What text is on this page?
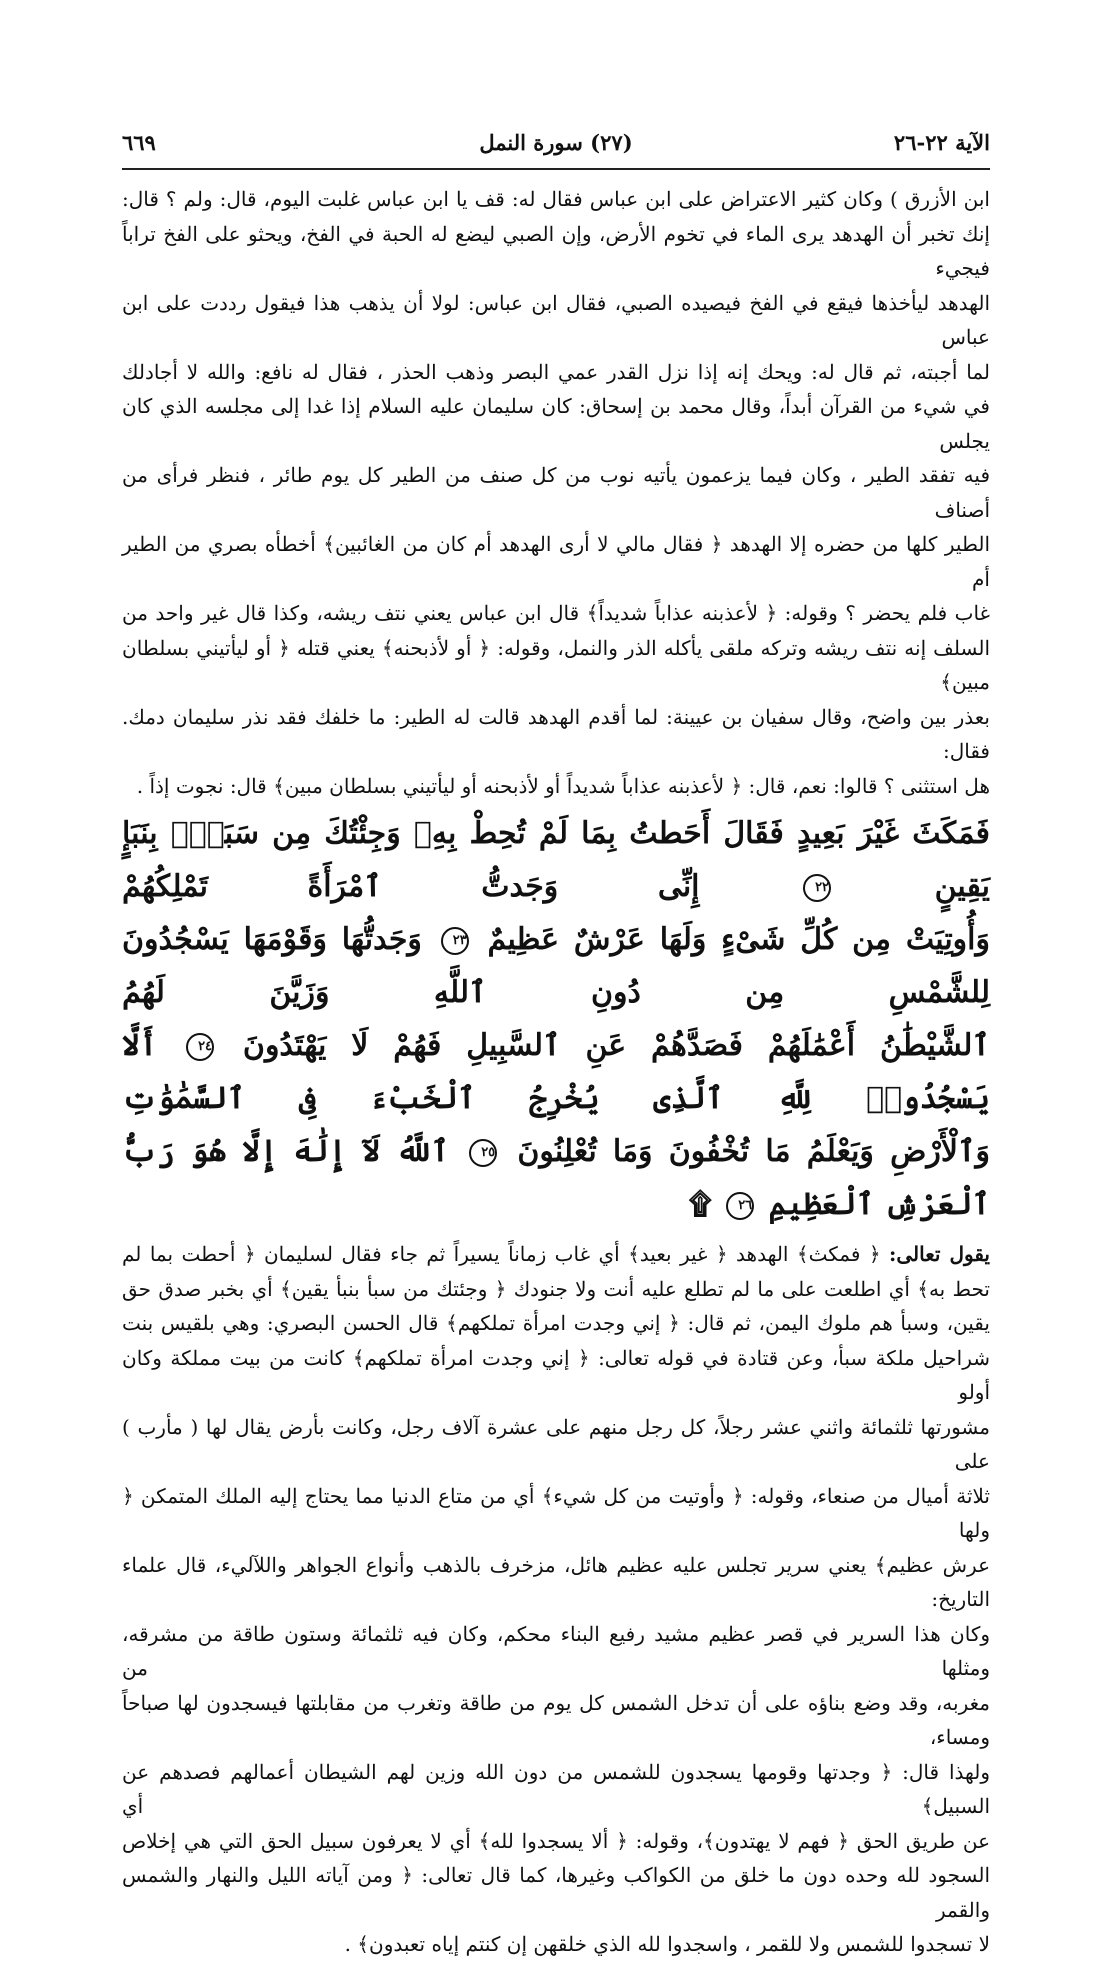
الآية ٢٢-٢٦
(٢٧) سورة النمل
٦٦٩
ابن الأزرق ) وكان كثير الاعتراض على ابن عباس فقال له: قف يا ابن عباس غلبت اليوم، قال: ولم ؟ قال:
إنك تخبر أن الهدهد يرى الماء في تخوم الأرض، وإن الصبي ليضع له الحبة في الفخ، ويحثو على الفخ تراباً فيجيء
الهدهد ليأخذها فيقع في الفخ فيصيده الصبي، فقال ابن عباس: لولا أن يذهب هذا فيقول رددت على ابن عباس
لما أجبته، ثم قال له: ويحك إنه إذا نزل القدر عمي البصر وذهب الحذر ، فقال له نافع: والله لا أجادلك
في شيء من القرآن أبداً، وقال محمد بن إسحاق: كان سليمان عليه السلام إذا غدا إلى مجلسه الذي كان يجلس
فيه تفقد الطير ، وكان فيما يزعمون يأتيه نوب من كل صنف من الطير كل يوم طائر ، فنظر فرأى من أصناف
الطير كلها من حضره إلا الهدهد ﴿ فقال مالي لا أرى الهدهد أم كان من الغائبين﴾ أخطأه بصري من الطير أم
غاب فلم يحضر ؟ وقوله: ﴿ لأعذبنه عذاباً شديداً﴾ قال ابن عباس يعني نتف ريشه، وكذا قال غير واحد من
السلف إنه نتف ريشه وتركه ملقى يأكله الذر والنمل، وقوله: ﴿ أو لأذبحنه﴾ يعني قتله ﴿ أو ليأتيني بسلطان مبين﴾
بعذر بين واضح، وقال سفيان بن عيينة: لما أقدم الهدهد قالت له الطير: ما خلفك فقد نذر سليمان دمك. فقال:
هل استثنى ؟ قالوا: نعم، قال: ﴿ لأعذبنه عذاباً شديداً أو لأذبحنه أو ليأتيني بسلطان مبين﴾ قال: نجوت إذاً .
فَمَكَثَ غَيْرَ بَعِيدٍ فَقَالَ أَحَطتُ بِمَا لَمْ تُحِطْ بِهِۦ وَجِئْتُكَ مِن سَبَإٍۭ بِنَبَإٍ يَقِينٍ ٢٢ إِنِّى وَجَدتُّ ٱمْرَأَةً تَمْلِكُهُمْ
وَأُوتِيَتْ مِن كُلِّ شَىْءٍ وَلَهَا عَرْشٌ عَظِيمٌ ٢٣ وَجَدتُّهَا وَقَوْمَهَا يَسْجُدُونَ لِلشَّمْسِ مِن دُونِ ٱللَّهِ وَزَيَّنَ لَهُمُ
ٱلشَّيْطَٰنُ أَعْمَٰلَهُمْ فَصَدَّهُمْ عَنِ ٱلسَّبِيلِ فَهُمْ لَا يَهْتَدُونَ ٢٤ أَلَّا يَسْجُدُوا۟ لِلَّهِ ٱلَّذِى يُخْرِجُ ٱلْخَبْءَ فِى ٱلسَّمَٰوَٰتِ
وَٱلْأَرْضِ وَيَعْلَمُ مَا تُخْفُونَ وَمَا تُعْلِنُونَ ٢٥ ٱللَّهُ لَآ إِلَٰهَ إِلَّا هُوَ رَبُّ ٱلْعَرْشِ ٱلْعَظِيمِ ٢٦ ۩
يقول تعالى: ﴿ فمكث﴾ الهدهد ﴿ غير بعيد﴾ أي غاب زماناً يسيراً ثم جاء فقال لسليمان ﴿ أحطت بما لم
تحط به﴾ أي اطلعت على ما لم تطلع عليه أنت ولا جنودك ﴿ وجئتك من سبأ بنبأ يقين﴾ أي بخبر صدق حق
يقين، وسبأ هم ملوك اليمن، ثم قال: ﴿ إني وجدت امرأة تملكهم﴾ قال الحسن البصري: وهي بلقيس بنت
شراحيل ملكة سبأ، وعن قتادة في قوله تعالى: ﴿ إني وجدت امرأة تملكهم﴾ كانت من بيت مملكة وكان أولو
مشورتها ثلثمائة واثني عشر رجلاً، كل رجل منهم على عشرة آلاف رجل، وكانت بأرض يقال لها ( مأرب ) على
ثلاثة أميال من صنعاء، وقوله: ﴿ وأوتيت من كل شيء﴾ أي من متاع الدنيا مما يحتاج إليه الملك المتمكن ﴿ ولها
عرش عظيم﴾ يعني سرير تجلس عليه عظيم هائل، مزخرف بالذهب وأنواع الجواهر واللآليء، قال علماء التاريخ:
وكان هذا السرير في قصر عظيم مشيد رفيع البناء محكم، وكان فيه ثلثمائة وستون طاقة من مشرقه، ومثلها من
مغربه، وقد وضع بناؤه على أن تدخل الشمس كل يوم من طاقة وتغرب من مقابلتها فيسجدون لها صباحاً ومساء،
ولهذا قال: ﴿ وجدتها وقومها يسجدون للشمس من دون الله وزين لهم الشيطان أعمالهم فصدهم عن السبيل﴾ أي
عن طريق الحق ﴿ فهم لا يهتدون﴾، وقوله: ﴿ ألا يسجدوا لله﴾ أي لا يعرفون سبيل الحق التي هي إخلاص
السجود لله وحده دون ما خلق من الكواكب وغيرها، كما قال تعالى: ﴿ ومن آياته الليل والنهار والشمس والقمر
لا تسجدوا للشمس ولا للقمر ، واسجدوا لله الذي خلقهن إن كنتم إياه تعبدون﴾ .
